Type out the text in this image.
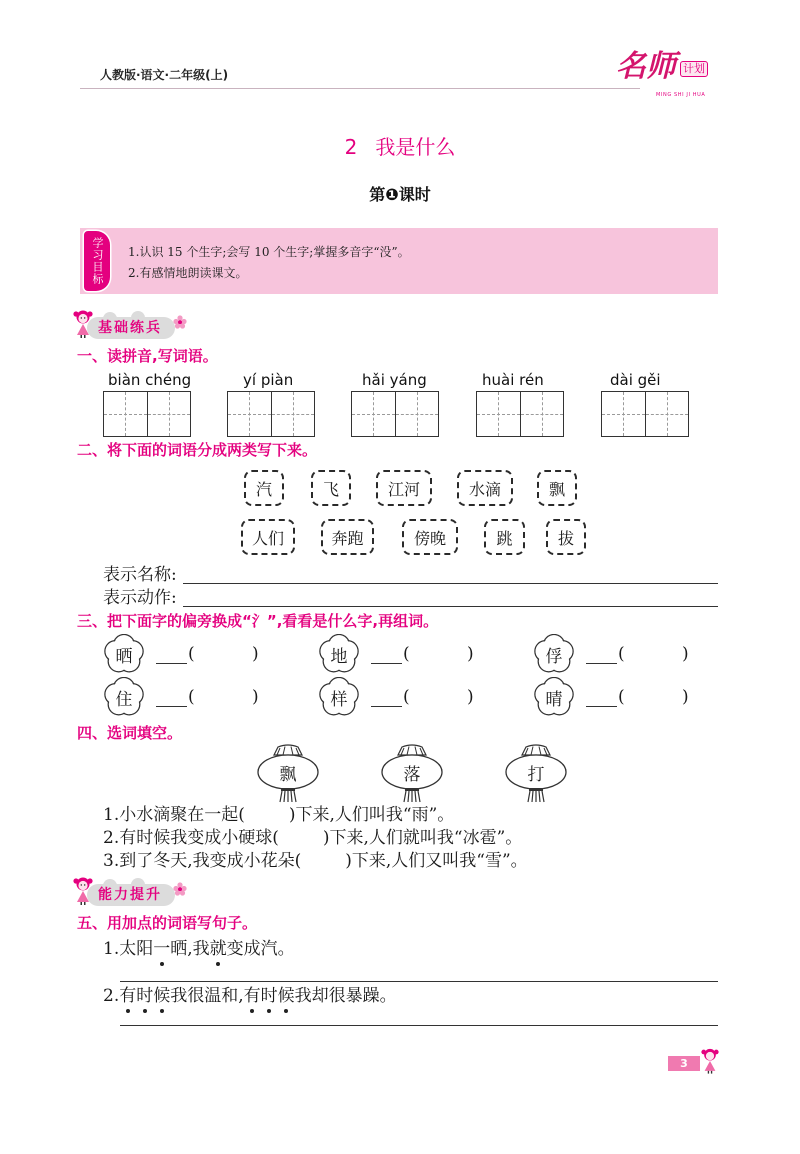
人教版·语文·二年级(上)	名师 计划
MING SHI JI HUA
2 我是什么
第❶课时
学习目标	1.认识 15 个生字;会写 10 个生字;掌握多音字“没”。
2.有感情地朗读课文。
基础练兵
一、读拼音,写词语。
biàn chéng	yí piàn	hǎi yáng	huài rén	dài gěi
二、将下面的词语分成两类写下来。
汽	飞	江河	水滴	飘
人们	奔跑	傍晚	跳	拔
表示名称:
表示动作:
三、把下面字的偏旁换成“氵”,看看是什么字,再组词。
晒	(	)	地	(	)	俘	(	)
住	(	)	样	(	)	晴	(	)
四、选词填空。
飘	落	打
1.小水滴聚在一起(	)下来,人们叫我“雨”。
2.有时候我变成小硬球(	)下来,人们就叫我“冰雹”。
3.到了冬天,我变成小花朵(	)下来,人们又叫我“雪”。
能力提升
五、用加点的词语写句子。
1.太阳一晒,我就变成汽。
2.有时候我很温和,有时候我却很暴躁。
3
